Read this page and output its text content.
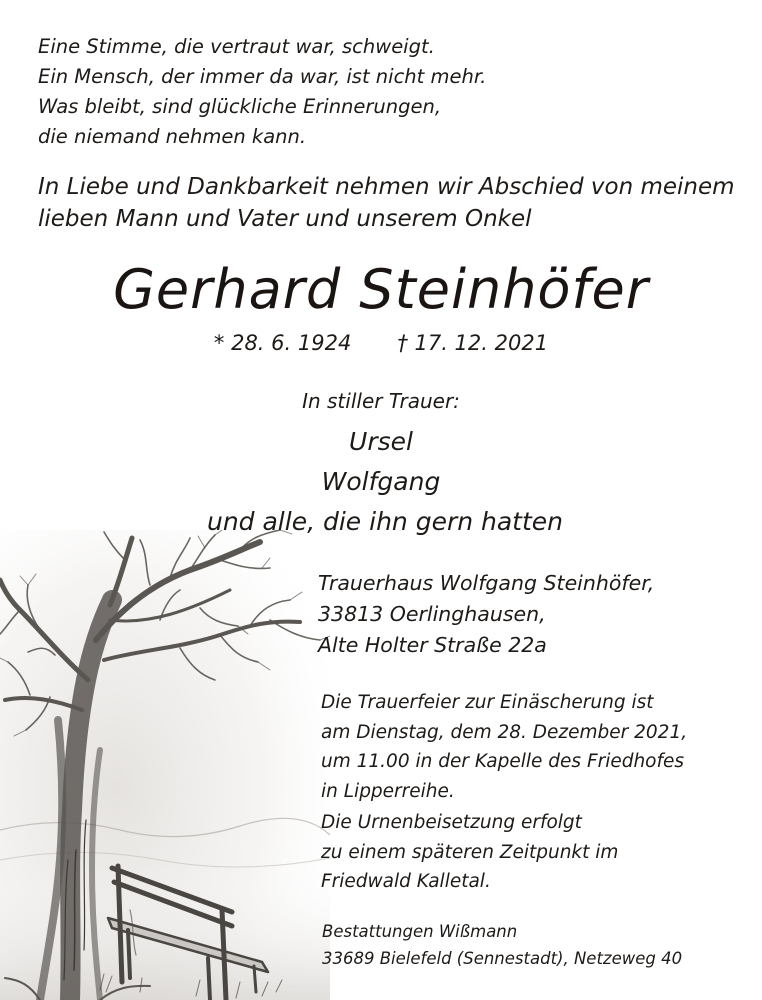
Eine Stimme, die vertraut war, schweigt.
Ein Mensch, der immer da war, ist nicht mehr.
Was bleibt, sind glückliche Erinnerungen,
die niemand nehmen kann.
In Liebe und Dankbarkeit nehmen wir Abschied von meinem
lieben Mann und Vater und unserem Onkel
Gerhard Steinhöfer
* 28. 6. 1924 † 17. 12. 2021
In stiller Trauer:
Ursel
Wolfgang
und alle, die ihn gern hatten
Trauerhaus Wolfgang Steinhöfer,
33813 Oerlinghausen,
Alte Holter Straße 22a
Die Trauerfeier zur Einäscherung ist
am Dienstag, dem 28. Dezember 2021,
um 11.00 in der Kapelle des Friedhofes
in Lipperreihe.
Die Urnenbeisetzung erfolgt
zu einem späteren Zeitpunkt im
Friedwald Kalletal.
Bestattungen Wißmann
33689 Bielefeld (Sennestadt), Netzeweg 40
